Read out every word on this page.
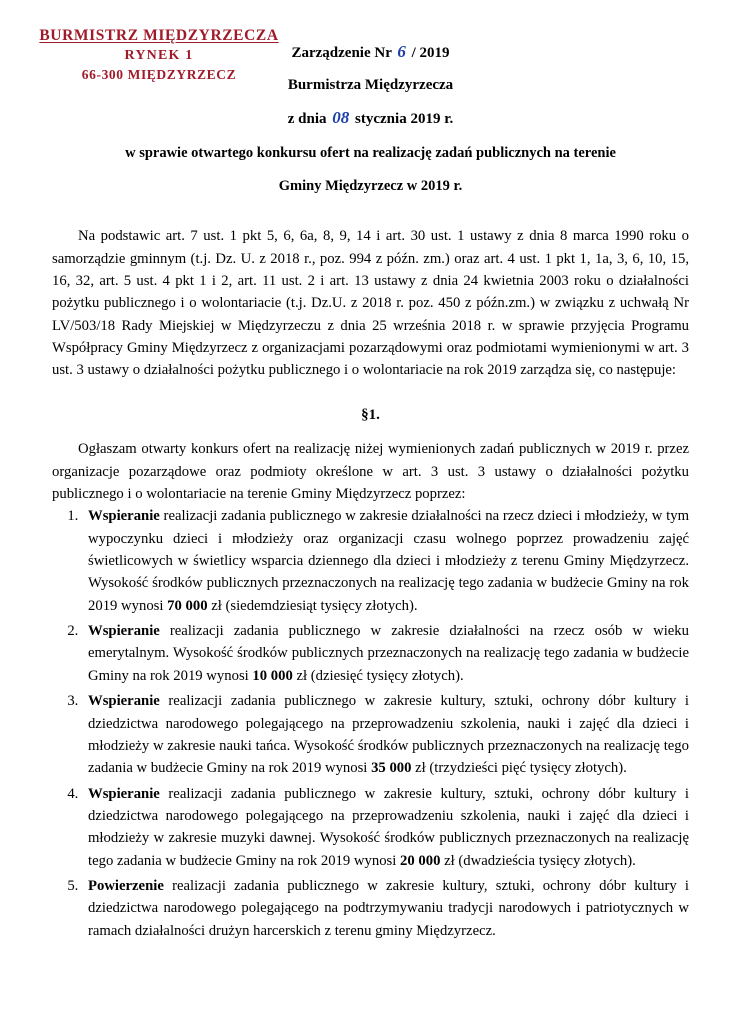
BURMISTRZ MIĘDZYRZECZA
RYNEK 1
66-300 MIĘDZYRZECZ
Zarządzenie Nr 6 / 2019
Burmistrza Międzyrzecza
z dnia 08 stycznia 2019 r.
w sprawie otwartego konkursu ofert na realizację zadań publicznych na terenie
Gminy Międzyrzecz w 2019 r.

Na podstawic art. 7 ust. 1 pkt 5, 6, 6a, 8, 9, 14 i art. 30 ust. 1 ustawy z dnia 8 marca 1990 roku o samorządzie gminnym (t.j. Dz. U. z 2018 r., poz. 994 z późn. zm.) oraz art. 4 ust. 1 pkt 1, 1a, 3, 6, 10, 15, 16, 32, art. 5 ust. 4 pkt 1 i 2, art. 11 ust. 2 i art. 13 ustawy z dnia 24 kwietnia 2003 roku o działalności pożytku publicznego i o wolontariacie (t.j. Dz.U. z 2018 r. poz. 450 z późn.zm.) w związku z uchwałą Nr LV/503/18 Rady Miejskiej w Międzyrzeczu z dnia 25 września 2018 r. w sprawie przyjęcia Programu Współpracy Gminy Międzyrzecz z organizacjami pozarządowymi oraz podmiotami wymienionymi w art. 3 ust. 3 ustawy o działalności pożytku publicznego i o wolontariacie na rok 2019 zarządza się, co następuje:

§1.

Ogłaszam otwarty konkurs ofert na realizację niżej wymienionych zadań publicznych w 2019 r. przez organizacje pozarządowe oraz podmioty określone w art. 3 ust. 3 ustawy o działalności pożytku publicznego i o wolontariacie na terenie Gminy Międzyrzecz poprzez:

1. Wspieranie realizacji zadania publicznego w zakresie działalności na rzecz dzieci i młodzieży, w tym wypoczynku dzieci i młodzieży oraz organizacji czasu wolnego poprzez prowadzeniu zajęć świetlicowych w świetlicy wsparcia dziennego dla dzieci i młodzieży z terenu Gminy Międzyrzecz. Wysokość środków publicznych przeznaczonych na realizację tego zadania w budżecie Gminy na rok 2019 wynosi 70 000 zł (siedemdziesiąt tysięcy złotych).
2. Wspieranie realizacji zadania publicznego w zakresie działalności na rzecz osób w wieku emerytalnym. Wysokość środków publicznych przeznaczonych na realizację tego zadania w budżecie Gminy na rok 2019 wynosi 10 000 zł (dziesięć tysięcy złotych).
3. Wspieranie realizacji zadania publicznego w zakresie kultury, sztuki, ochrony dóbr kultury i dziedzictwa narodowego polegającego na przeprowadzeniu szkolenia, nauki i zajęć dla dzieci i młodzieży w zakresie nauki tańca. Wysokość środków publicznych przeznaczonych na realizację tego zadania w budżecie Gminy na rok 2019 wynosi 35 000 zł (trzydzieści pięć tysięcy złotych).
4. Wspieranie realizacji zadania publicznego w zakresie kultury, sztuki, ochrony dóbr kultury i dziedzictwa narodowego polegającego na przeprowadzeniu szkolenia, nauki i zajęć dla dzieci i młodzieży w zakresie muzyki dawnej. Wysokość środków publicznych przeznaczonych na realizację tego zadania w budżecie Gminy na rok 2019 wynosi 20 000 zł (dwadzieścia tysięcy złotych).
5. Powierzenie realizacji zadania publicznego w zakresie kultury, sztuki, ochrony dóbr kultury i dziedzictwa narodowego polegającego na podtrzymywaniu tradycji narodowych i patriotycznych w ramach działalności drużyn harcerskich z terenu gminy Międzyrzecz.
